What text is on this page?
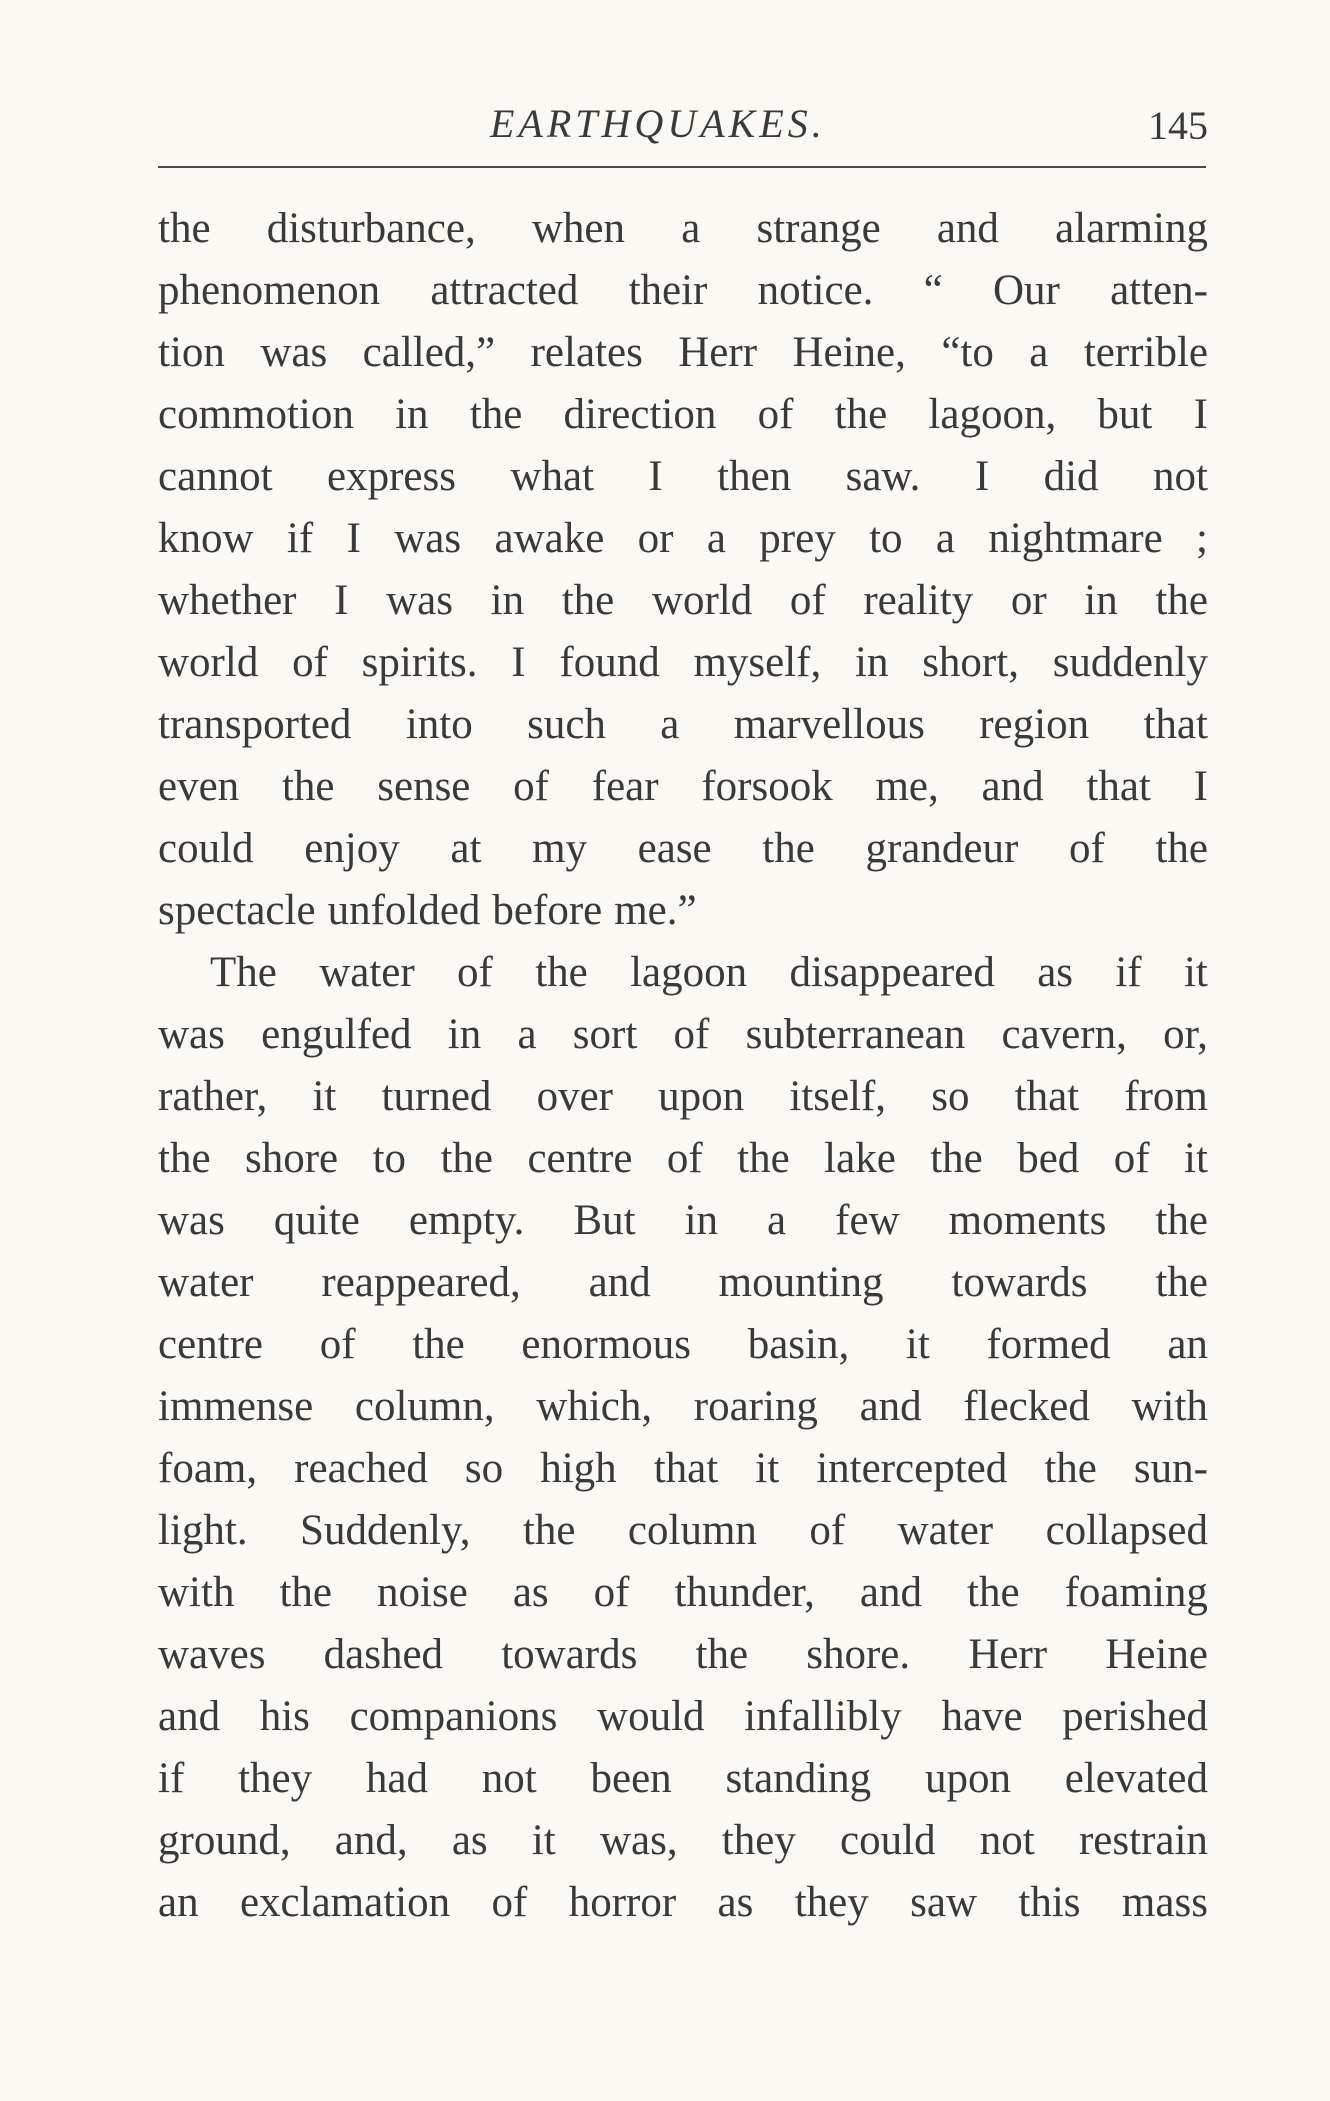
EARTHQUAKES.	145
the disturbance, when a strange and alarming
phenomenon attracted their notice. “ Our atten-
tion was called,” relates Herr Heine, “to a terrible
commotion in the direction of the lagoon, but I
cannot express what I then saw. I did not
know if I was awake or a prey to a nightmare ;
whether I was in the world of reality or in the
world of spirits. I found myself, in short, suddenly
transported into such a marvellous region that
even the sense of fear forsook me, and that I
could enjoy at my ease the grandeur of the
spectacle unfolded before me.”
The water of the lagoon disappeared as if it
was engulfed in a sort of subterranean cavern, or,
rather, it turned over upon itself, so that from
the shore to the centre of the lake the bed of it
was quite empty. But in a few moments the
water reappeared, and mounting towards the
centre of the enormous basin, it formed an
immense column, which, roaring and flecked with
foam, reached so high that it intercepted the sun-
light. Suddenly, the column of water collapsed
with the noise as of thunder, and the foaming
waves dashed towards the shore. Herr Heine
and his companions would infallibly have perished
if they had not been standing upon elevated
ground, and, as it was, they could not restrain
an exclamation of horror as they saw this mass
